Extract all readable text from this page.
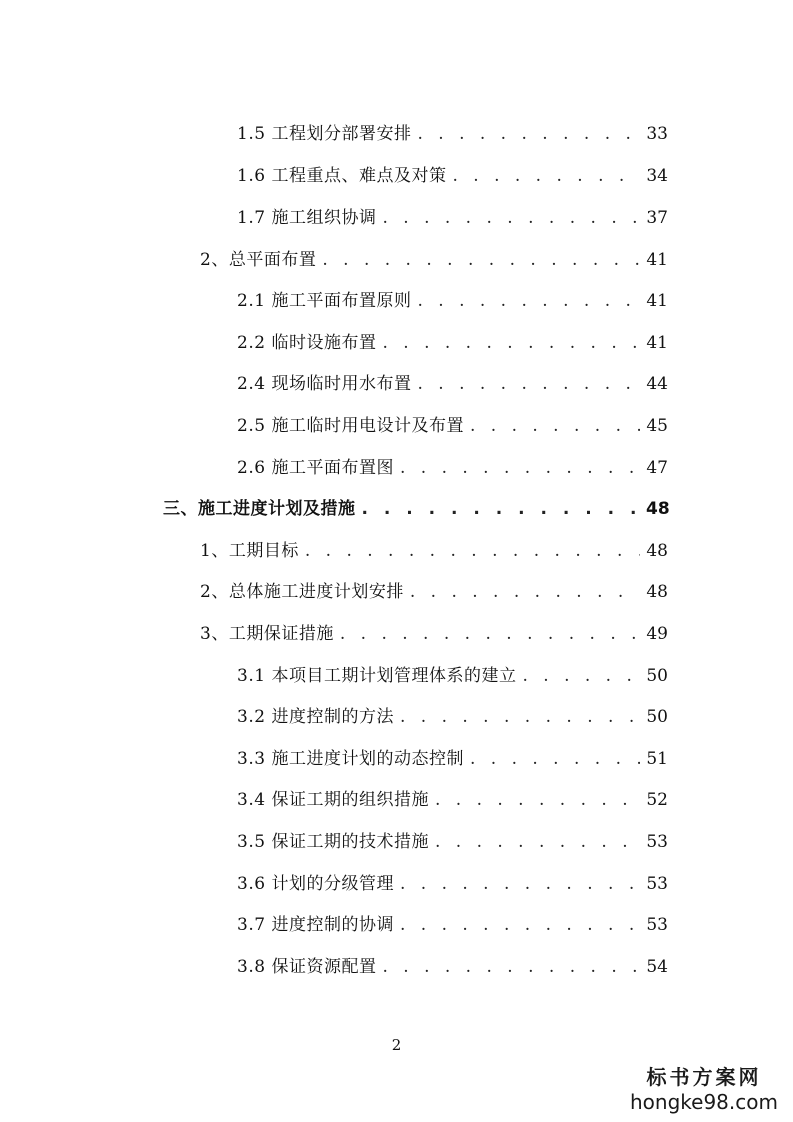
1.5 工程划分部署安排 . . .	33
1.6 工程重点、难点及对策 . . .	34
1.7 施工组织协调 . . .	37
2、总平面布置 . . .	41
2.1 施工平面布置原则 . . .	41
2.2 临时设施布置 . . .	41
2.4 现场临时用水布置 . . .	44
2.5 施工临时用电设计及布置 . . .	45
2.6 施工平面布置图 . . .	47
三、施工进度计划及措施 . . .	48
1、工期目标 . . .	48
2、总体施工进度计划安排 . . .	48
3、工期保证措施 . . .	49
3.1 本项目工期计划管理体系的建立 . . .	50
3.2 进度控制的方法 . . .	50
3.3 施工进度计划的动态控制 . . .	51
3.4 保证工期的组织措施 . . .	52
3.5 保证工期的技术措施 . . .	53
3.6 计划的分级管理 . . .	53
3.7 进度控制的协调 . . .	53
3.8 保证资源配置 . . .	54
2
标书方案网
hongke98.com
